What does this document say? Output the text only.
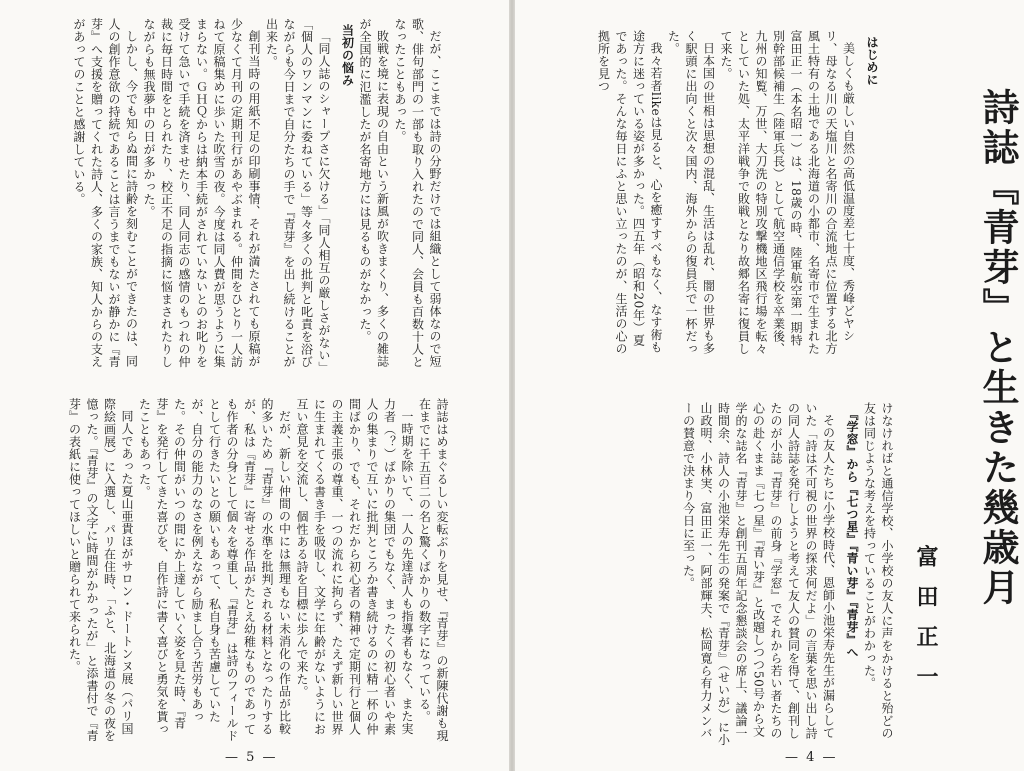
だが、ここまでは詩の分野だけでは組織として弱体なので短歌、俳句部門の一部も取り入れたので同人、会員も百数十人となったこともあった。

敗戦を境に表現の自由という新風が吹きまくり、多くの雑誌が全国的に氾濫したが名寄地方には見るものがなかった。

当初の悩み

「同人誌のシャープさに欠ける」「同人相互の厳しさがない」「個人のワンマンに委ねている」等々多くの批判と叱責を浴びながらも今日まで自分たちの手で『青芽』を出し続けることが出来た。

創刊当時の用紙不足の印刷事情、それが満たされても原稿が少なくて月刊の定期刊行があやぶまれる。仲間をひとり一人訪ねて原稿集めに歩いた吹雪の夜。今度は同人費が思うように集まらない。ＧＨＱからは納本手続がされていないとのお叱りを受けて急いで手続を済ませたり、同人同志の感情のもつれの仲裁に毎日時間をとられたり、校正不足の指摘に悩まされたりしながらも無我夢中の日が多かった。

しかし、今でも知らぬ間に詩齢を刻むことができたのは、同人の創作意欲の持続であることは言うまでもないが静かに『青芽』へ支援を贈ってくれた詩人、多くの家族、知人からの支えがあってのことと感謝している。

詩誌はめまぐるしい変転ぶりを見せ、『青芽』の新陳代謝も現在までに千五百二の名と驚くばかりの数字になっている。

一時期を除いて、一人の先達詩人も指導者もなく、また実力者（？）ばかりの集団でもなく、まったくの初心者いや素人の集まりで互いに批判ところか書き続けるのに精一杯の仲間ばかり、でも、それだから初心者の精神で定期刊行と個人の主義主張の尊重、一つの流れに拘らず、たえず新しい世界に生まれてくる書き手を吸収し、文学に年齢がないようにお互い意見を交流し、個性ある詩を目標に歩んで来た。

だが、新しい仲間の中には無理もない未消化の作品が比較的多いため『青芽』の水準を批判される材料となったりするが、私は『青芽』に寄せる作品がたとえ幼稚なものであっても作者の分身として個々を尊重し、『青芽』は詩のフィールドとして行きたいとの願いもあって、私自身も苦慮していたが、自分の能力のなさを例えながら励まし合う苦労もあった。その仲間がいつの間にか上達していく姿を見た時、『青芽』を発行してきた喜びを、自作詩に書く喜びと勇気を貰ったこともあった。

同人であった夏山亜貴ほがサロン・ドートンヌ展（パリ国際絵画展）に入選し、パリ在住時、「ふと、北海道の冬の夜を憶った。『青芽』の文字に時間がかかったが」と添書付で『青芽』の表紙に使ってほしいと贈られて来られた。

— 5 —
詩誌『青芽』と生きた幾歳月
富田正一

はじめに

美しくも厳しい自然の高低温度差七十度、秀峰どヤシリ、母なる川の天塩川と名寄川の合流地点に位置する北方風土特有の土地である北海道の小都市、名寄市で生まれた富田正一（本名昭一）は、18歳の時、陸軍航空第一期特別幹部候補生（陸軍兵長）として航空通信学校を卒業後、九州の知覧、万世、大刀洗の特別攻撃機地区飛行場を転々としていた処、太平洋戦争で敗戦となり故郷名寄に復員して来た。

日本国の世相は思想の混乱、生活は乱れ、闇の世界も多く駅頭に出向くと次々国内、海外からの復員兵で一杯だった。

我々若者likeは見ると、心を癒すすべもなく、なす術も途方に迷っている姿が多かった。四五年（昭和20年）夏であった。そんな毎日にふと思い立ったのが、生活の心の拠所を見つ

けなければと通信学校、小学校の友人に声をかけると殆どの友は同じような考えを持っていることがわかった。

『学窓』から『七つ星』『青い芽』『青芽』へ

その友人たちに小学校時代、恩師小池栄寿先生が漏らしていた「詩は不可視の世界の探求何だよ」の言葉を思い出し詩の同人詩誌を発行しようと考えて友人の賛同を得て、創刊したのが小誌『青芽』の前身『学窓』でそれから若い者たちの心の赴くまま『七つ星』『青い芽』と改題しつつ50号から文学的な誌名『青芽』と創刊五周年記念懇談会の席上、議論一時間余、詩人の小池栄寿先生の発案で『青芽』（せいが）に小山政明、小林実、富田正一、阿部輝夫、松岡寛ら有力メンバーの賛意で決まり今日に至った。

— 4 —
